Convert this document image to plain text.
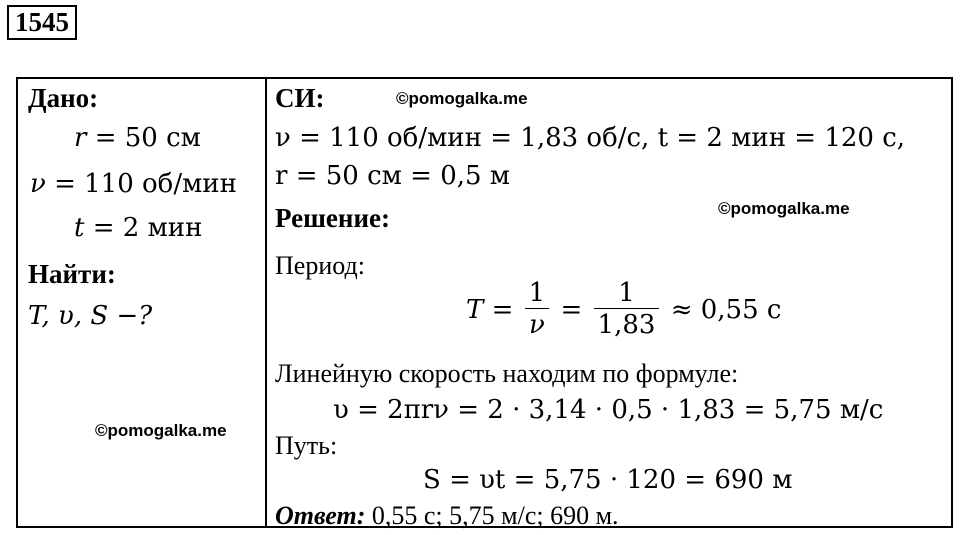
1545
Дано:
r = 50 см
ν = 110 об/мин
t = 2 мин
Найти:
T, υ, S −?
©pomogalka.me
СИ:	©pomogalka.me
ν = 110 об/мин = 1,83 об/с, t = 2 мин = 120 с,
r = 50 см = 0,5 м
Решение:	©pomogalka.me
Период:
$T = \frac{1}{\nu} = \frac{1}{1,83} \approx 0,55$ с
Линейную скорость находим по формуле:
υ = 2πrν = 2 · 3,14 · 0,5 · 1,83 = 5,75 м/с
Путь:
S = υt = 5,75 · 120 = 690 м
Ответ: 0,55 с; 5,75 м/с; 690 м.
